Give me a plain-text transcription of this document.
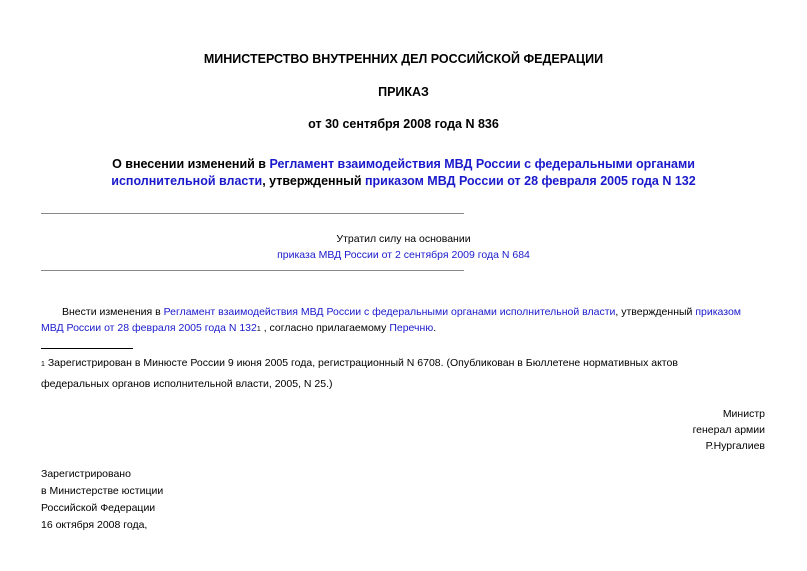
МИНИСТЕРСТВО ВНУТРЕННИХ ДЕЛ РОССИЙСКОЙ ФЕДЕРАЦИИ
ПРИКАЗ
от 30 сентября 2008 года N 836
О внесении изменений в Регламент взаимодействия МВД России с федеральными органами
исполнительной власти, утвержденный приказом МВД России от 28 февраля 2005 года N 132
Утратил силу на основании
приказа МВД России от 2 сентября 2009 года N 684
Внести изменения в Регламент взаимодействия МВД России с федеральными органами исполнительной власти, утвержденный приказом
МВД России от 28 февраля 2005 года N 1321 , согласно прилагаемому Перечню.
1 Зарегистрирован в Минюсте России 9 июня 2005 года, регистрационный N 6708. (Опубликован в Бюллетене нормативных актов
федеральных органов исполнительной власти, 2005, N 25.)
Министр
генерал армии
Р.Нургалиев
Зарегистрировано
в Министерстве юстиции
Российской Федерации
16 октября 2008 года,
